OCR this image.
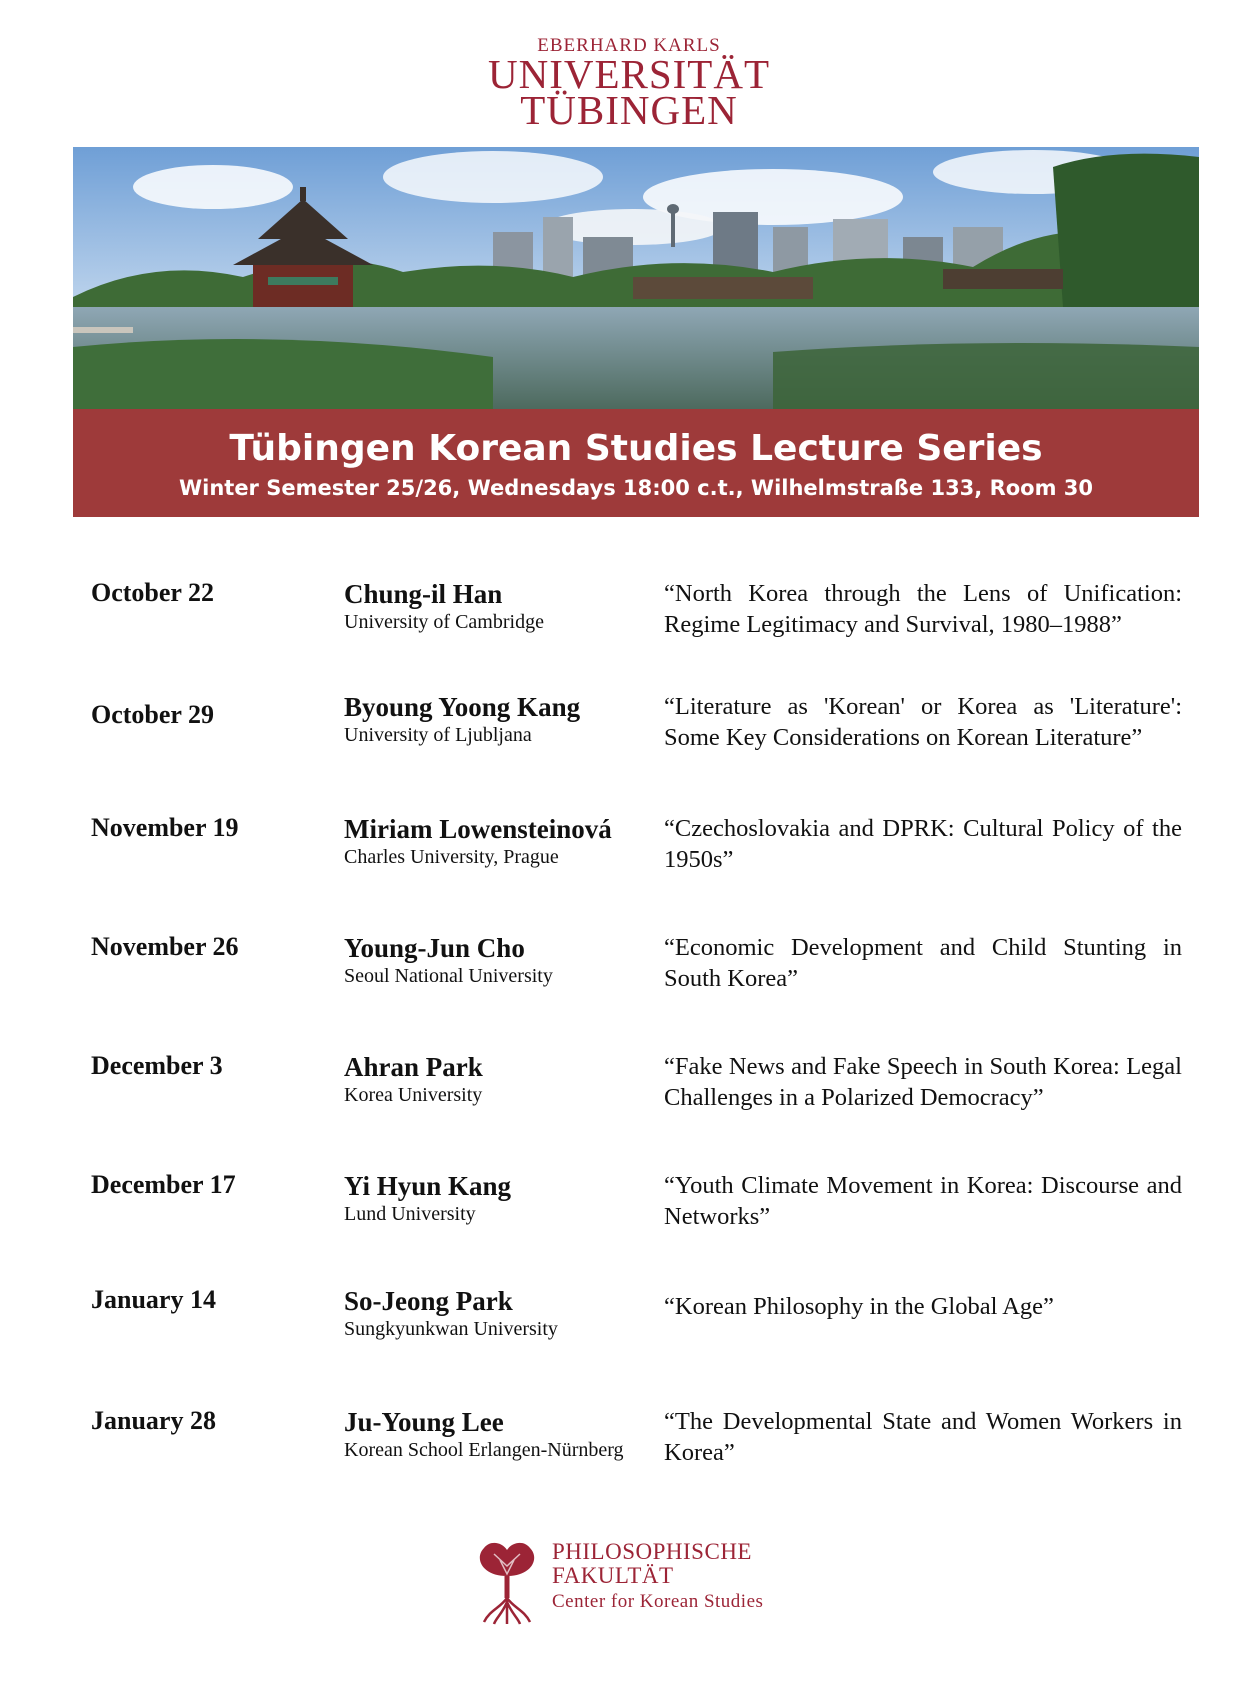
EBERHARD KARLS
UNIVERSITÄT
TÜBINGEN
Tübingen Korean Studies Lecture Series
Winter Semester 25/26, Wednesdays 18:00 c.t., Wilhelmstraße 133, Room 30
October 22	Chung-il Han
University of Cambridge
“North Korea through the Lens of Unification: Regime Legitimacy and Survival, 1980–1988”
October 29	Byoung Yoong Kang
University of Ljubljana
“Literature as 'Korean' or Korea as 'Literature': Some Key Considerations on Korean Literature”
November 19	Miriam Lowensteinová
Charles University, Prague
“Czechoslovakia and DPRK: Cultural Policy of the 1950s”
November 26	Young-Jun Cho
Seoul National University
“Economic Development and Child Stunting in South Korea”
December 3	Ahran Park
Korea University
“Fake News and Fake Speech in South Korea: Legal Challenges in a Polarized Democracy”
December 17	Yi Hyun Kang
Lund University
“Youth Climate Movement in Korea: Discourse and Networks”
January 14	So-Jeong Park
Sungkyunkwan University
“Korean Philosophy in the Global Age”
January 28	Ju-Young Lee
Korean School Erlangen-Nürnberg
“The Developmental State and Women Workers in Korea”
PHILOSOPHISCHE
FAKULTÄT
Center for Korean Studies
